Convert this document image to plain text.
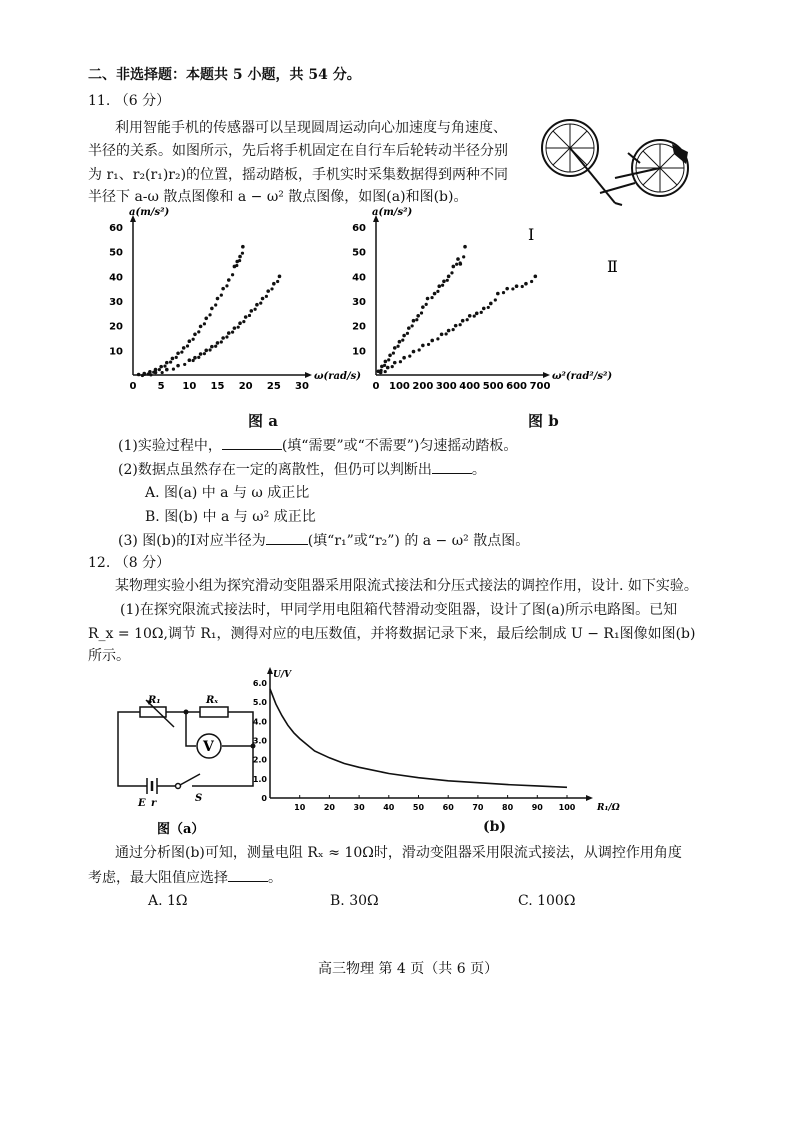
二、非选择题：本题共 5 小题，共 54 分。
11. （6 分）
利用智能手机的传感器可以呈现圆周运动向心加速度与角速度、
半径的关系。如图所示，先后将手机固定在自行车后轮转动半径分别
为 r₁、r₂(r₁)r₂)的位置，摇动踏板，手机实时采集数据得到两种不同
半径下 a-ω 散点图像和 a − ω² 散点图像，如图(a)和图(b)。
0 5 10 15 20 25 30
10
20
30
40
50
60
ω(rad/s)
a(m/s²)
0 100 200 300 400 500 600 700
10
20
30
40
50
60
ω²(rad²/s²)
a(m/s²)
Ⅰ
Ⅱ
图 a	图 b
(1)实验过程中，	(填“需要”或“不需要”)匀速摇动踏板。
(2)数据点虽然存在一定的离散性，但仍可以判断出	。
A. 图(a) 中 a 与 ω 成正比
B. 图(b) 中 a 与 ω² 成正比
(3) 图(b)的Ⅰ对应半径为	(填“r₁”或“r₂”) 的 a − ω² 散点图。
12. （8 分）
某物理实验小组为探究滑动变阻器采用限流式接法和分压式接法的调控作用，设计. 如下实验。
(1)在探究限流式接法时，甲同学用电阻箱代替滑动变阻器，设计了图(a)所示电路图。已知
R_x = 10Ω,调节 R₁，测得对应的电压数值，并将数据记录下来，最后绘制成 U − R₁图像如图(b)
所示。
R₁	Rₓ
V
E r	S
图（a）
10 20 30 40 50 60 70 80 90 100
0
1.0
2.0
3.0
4.0
5.0
6.0
R₁/Ω
U/V
(b)
通过分析图(b)可知，测量电阻 Rₓ ≈ 10Ω时，滑动变阻器采用限流式接法，从调控作用角度
考虑，最大阻值应选择	。
A. 1Ω	B. 30Ω	C. 100Ω
高三物理 第 4 页（共 6 页）
